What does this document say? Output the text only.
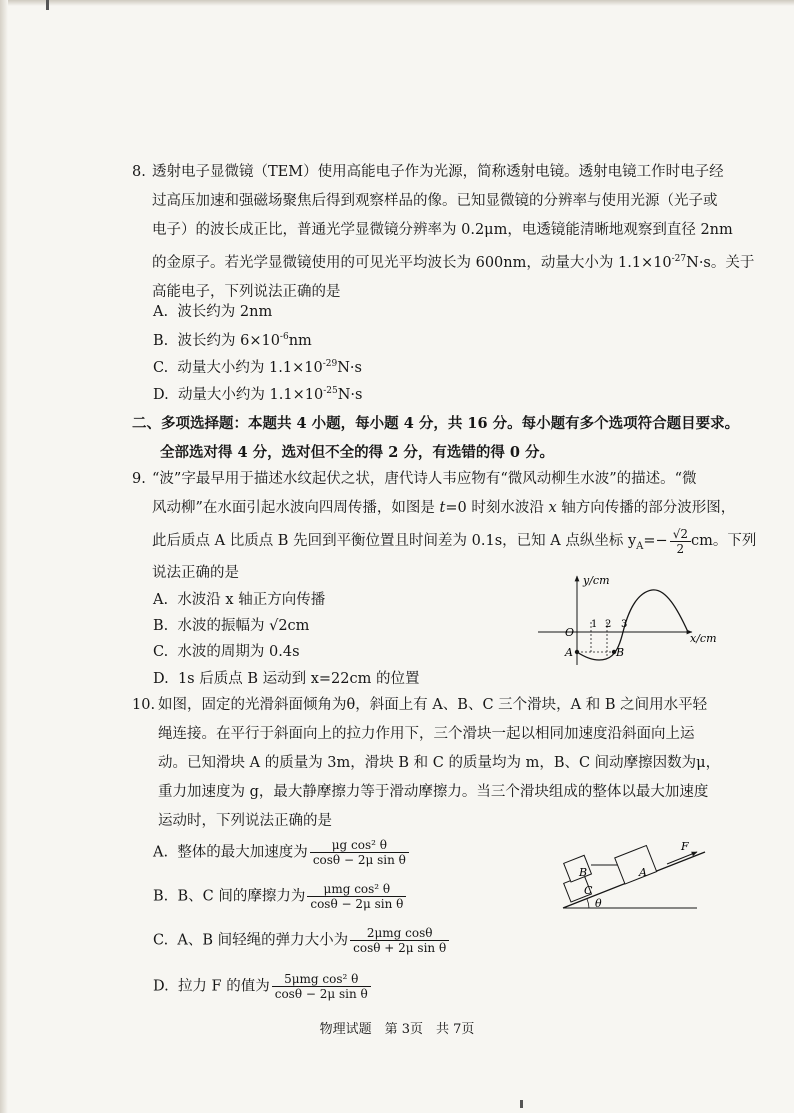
8. 透射电子显微镜（TEM）使用高能电子作为光源，简称透射电镜。透射电镜工作时电子经
过高压加速和强磁场聚焦后得到观察样品的像。已知显微镜的分辨率与使用光源（光子或
电子）的波长成正比，普通光学显微镜分辨率为 0.2μm，电透镜能清晰地观察到直径 2nm
的金原子。若光学显微镜使用的可见光平均波长为 600nm，动量大小为 $1.1\times 10^{-27}N\cdot s$。关于
高能电子，下列说法正确的是
A. 波长约为 2nm
B. 波长约为 $6\times 10^{-6}nm$
C. 动量大小约为 $1.1\times 10^{-29}N\cdot s$
D. 动量大小约为 $1.1\times 10^{-25}N\cdot s$
二、多项选择题：本题共 4 小题，每小题 4 分，共 16 分。每小题有多个选项符合题目要求。
全部选对得 4 分，选对但不全的得 2 分，有选错的得 0 分。
9. “波”字最早用于描述水纹起伏之状，唐代诗人韦应物有“微风动柳生水波”的描述。“微
风动柳”在水面引起水波向四周传播，如图是 t=0 时刻水波沿 x 轴方向传播的部分波形图，
此后质点 A 比质点 B 先回到平衡位置且时间差为 0.1s，已知 A 点纵坐标 $y_A=- \frac{√2}{2}$ cm。下列
说法正确的是
A. 水波沿 x 轴正方向传播
B. 水波的振幅为 √2cm
C. 水波的周期为 0.4s
D. 1s 后质点 B 运动到 x=22cm 的位置
y/cm
x/cm
O
1 2 3
A	B
10. 如图，固定的光滑斜面倾角为θ，斜面上有 A、B、C 三个滑块，A 和 B 之间用水平轻
绳连接。在平行于斜面向上的拉力作用下，三个滑块一起以相同加速度沿斜面向上运
动。已知滑块 A 的质量为 3m，滑块 B 和 C 的质量均为 m，B、C 间动摩擦因数为μ，
重力加速度为 g，最大静摩擦力等于滑动摩擦力。当三个滑块组成的整体以最大加速度
运动时，下列说法正确的是
A. 整体的最大加速度为 $\frac{\text{μg cos² θ}}{\text{cosθ − 2μ sin θ}}$
B. B、C 间的摩擦力为 $\frac{\text{μmg cos² θ}}{\text{cosθ − 2μ sin θ}}$
C. A、B 间轻绳的弹力大小为 $\frac{\text{2μmg cosθ}}{\text{cosθ + 2μ sin θ}}$
D. 拉力 F 的值为 $\frac{\text{5μmg cos² θ}}{\text{cosθ − 2μ sin θ}}$
A
B
C
F
θ
物理试题　第 3页　共 7页
